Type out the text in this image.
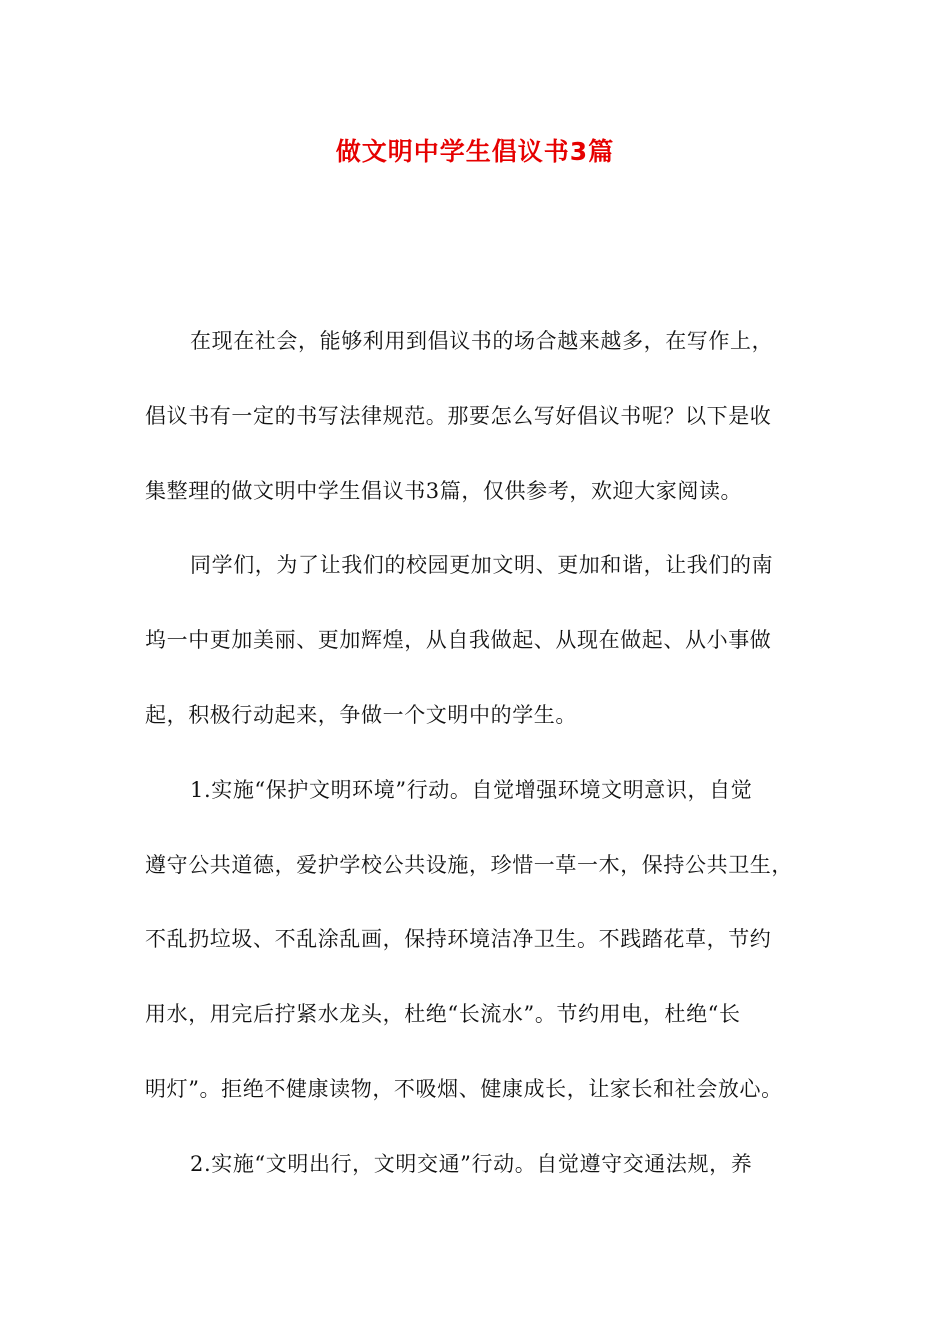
做文明中学生倡议书3篇
在现在社会，能够利用到倡议书的场合越来越多，在写作上，
倡议书有一定的书写法律规范。那要怎么写好倡议书呢？以下是收
集整理的做文明中学生倡议书3篇，仅供参考，欢迎大家阅读。
同学们，为了让我们的校园更加文明、更加和谐，让我们的南
坞一中更加美丽、更加辉煌，从自我做起、从现在做起、从小事做
起，积极行动起来，争做一个文明中的学生。
1.实施“保护文明环境”行动。自觉增强环境文明意识，自觉
遵守公共道德，爱护学校公共设施，珍惜一草一木，保持公共卫生，
不乱扔垃圾、不乱涂乱画，保持环境洁净卫生。不践踏花草，节约
用水，用完后拧紧水龙头，杜绝“长流水”。节约用电，杜绝“长
明灯”。拒绝不健康读物，不吸烟、健康成长，让家长和社会放心。
2.实施“文明出行，文明交通”行动。自觉遵守交通法规，养
